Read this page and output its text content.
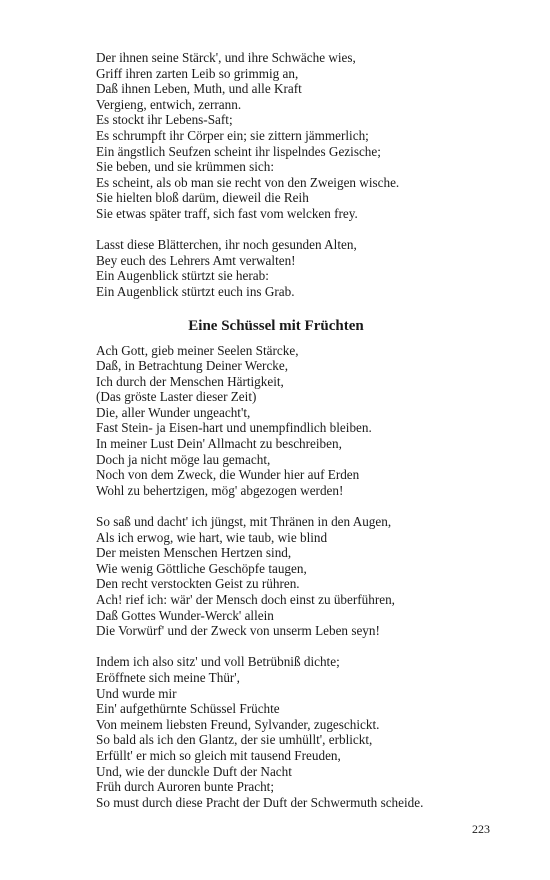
Der ihnen seine Stärck', und ihre Schwäche wies,
Griff ihren zarten Leib so grimmig an,
Daß ihnen Leben, Muth, und alle Kraft
Vergieng, entwich, zerrann.
Es stockt ihr Lebens-Saft;
Es schrumpft ihr Cörper ein; sie zittern jämmerlich;
Ein ängstlich Seufzen scheint ihr lispelndes Gezische;
Sie beben, und sie krümmen sich:
Es scheint, als ob man sie recht von den Zweigen wische.
Sie hielten bloß darüm, dieweil die Reih
Sie etwas später traff, sich fast vom welcken frey.
Lasst diese Blätterchen, ihr noch gesunden Alten,
Bey euch des Lehrers Amt verwalten!
Ein Augenblick stürtzt sie herab:
Ein Augenblick stürtzt euch ins Grab.
Eine Schüssel mit Früchten
Ach Gott, gieb meiner Seelen Stärcke,
Daß, in Betrachtung Deiner Wercke,
Ich durch der Menschen Härtigkeit,
(Das gröste Laster dieser Zeit)
Die, aller Wunder ungeacht't,
Fast Stein- ja Eisen-hart und unempfindlich bleiben.
In meiner Lust Dein' Allmacht zu beschreiben,
Doch ja nicht möge lau gemacht,
Noch von dem Zweck, die Wunder hier auf Erden
Wohl zu behertzigen, mög' abgezogen werden!
So saß und dacht' ich jüngst, mit Thränen in den Augen,
Als ich erwog, wie hart, wie taub, wie blind
Der meisten Menschen Hertzen sind,
Wie wenig Göttliche Geschöpfe taugen,
Den recht verstockten Geist zu rühren.
Ach! rief ich: wär' der Mensch doch einst zu überführen,
Daß Gottes Wunder-Werck' allein
Die Vorwürf' und der Zweck von unserm Leben seyn!
Indem ich also sitz' und voll Betrübniß dichte;
Eröffnete sich meine Thür',
Und wurde mir
Ein' aufgethürnte Schüssel Früchte
Von meinem liebsten Freund, Sylvander, zugeschickt.
So bald als ich den Glantz, der sie umhüllt', erblickt,
Erfüllt' er mich so gleich mit tausend Freuden,
Und, wie der dunckle Duft der Nacht
Früh durch Auroren bunte Pracht;
So must durch diese Pracht der Duft der Schwermuth scheide.
223
